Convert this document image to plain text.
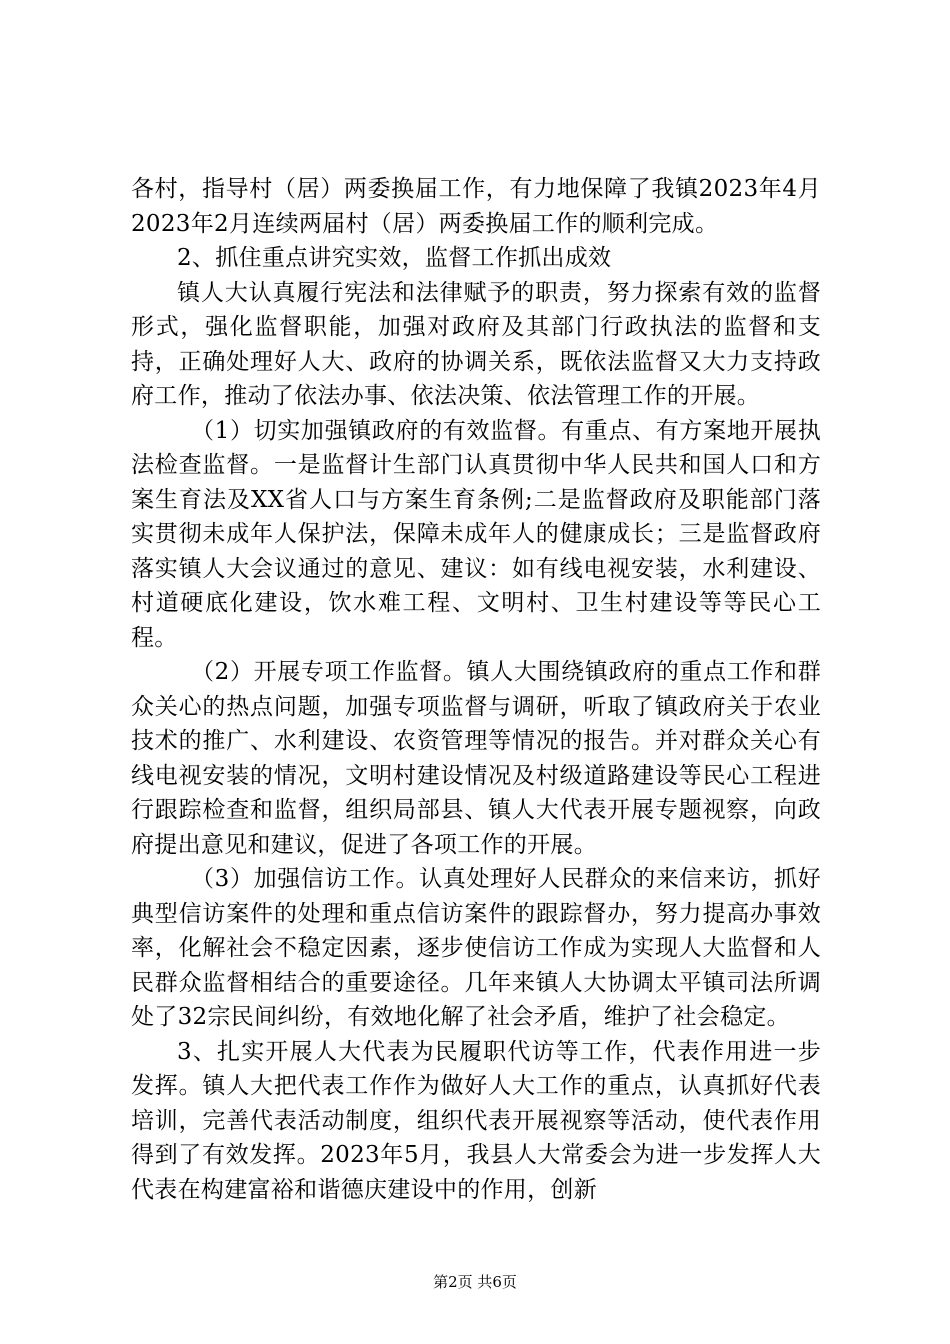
各村，指导村（居）两委换届工作，有力地保障了我镇2023年4月2023年2月连续两届村（居）两委换届工作的顺利完成。

2、抓住重点讲究实效，监督工作抓出成效

镇人大认真履行宪法和法律赋予的职责，努力探索有效的监督形式，强化监督职能，加强对政府及其部门行政执法的监督和支持，正确处理好人大、政府的协调关系，既依法监督又大力支持政府工作，推动了依法办事、依法决策、依法管理工作的开展。

（1）切实加强镇政府的有效监督。有重点、有方案地开展执法检查监督。一是监督计生部门认真贯彻中华人民共和国人口和方案生育法及XX省人口与方案生育条例;二是监督政府及职能部门落实贯彻未成年人保护法，保障未成年人的健康成长；三是监督政府落实镇人大会议通过的意见、建议：如有线电视安装，水利建设、村道硬底化建设，饮水难工程、文明村、卫生村建设等等民心工程。

（2）开展专项工作监督。镇人大围绕镇政府的重点工作和群众关心的热点问题，加强专项监督与调研，听取了镇政府关于农业技术的推广、水利建设、农资管理等情况的报告。并对群众关心有线电视安装的情况，文明村建设情况及村级道路建设等民心工程进行跟踪检查和监督，组织局部县、镇人大代表开展专题视察，向政府提出意见和建议，促进了各项工作的开展。

（3）加强信访工作。认真处理好人民群众的来信来访，抓好典型信访案件的处理和重点信访案件的跟踪督办，努力提高办事效率，化解社会不稳定因素，逐步使信访工作成为实现人大监督和人民群众监督相结合的重要途径。几年来镇人大协调太平镇司法所调处了32宗民间纠纷，有效地化解了社会矛盾，维护了社会稳定。

3、扎实开展人大代表为民履职代访等工作，代表作用进一步发挥。镇人大把代表工作作为做好人大工作的重点，认真抓好代表培训，完善代表活动制度，组织代表开展视察等活动，使代表作用得到了有效发挥。2023年5月，我县人大常委会为进一步发挥人大代表在构建富裕和谐德庆建设中的作用，创新

第2页 共6页
